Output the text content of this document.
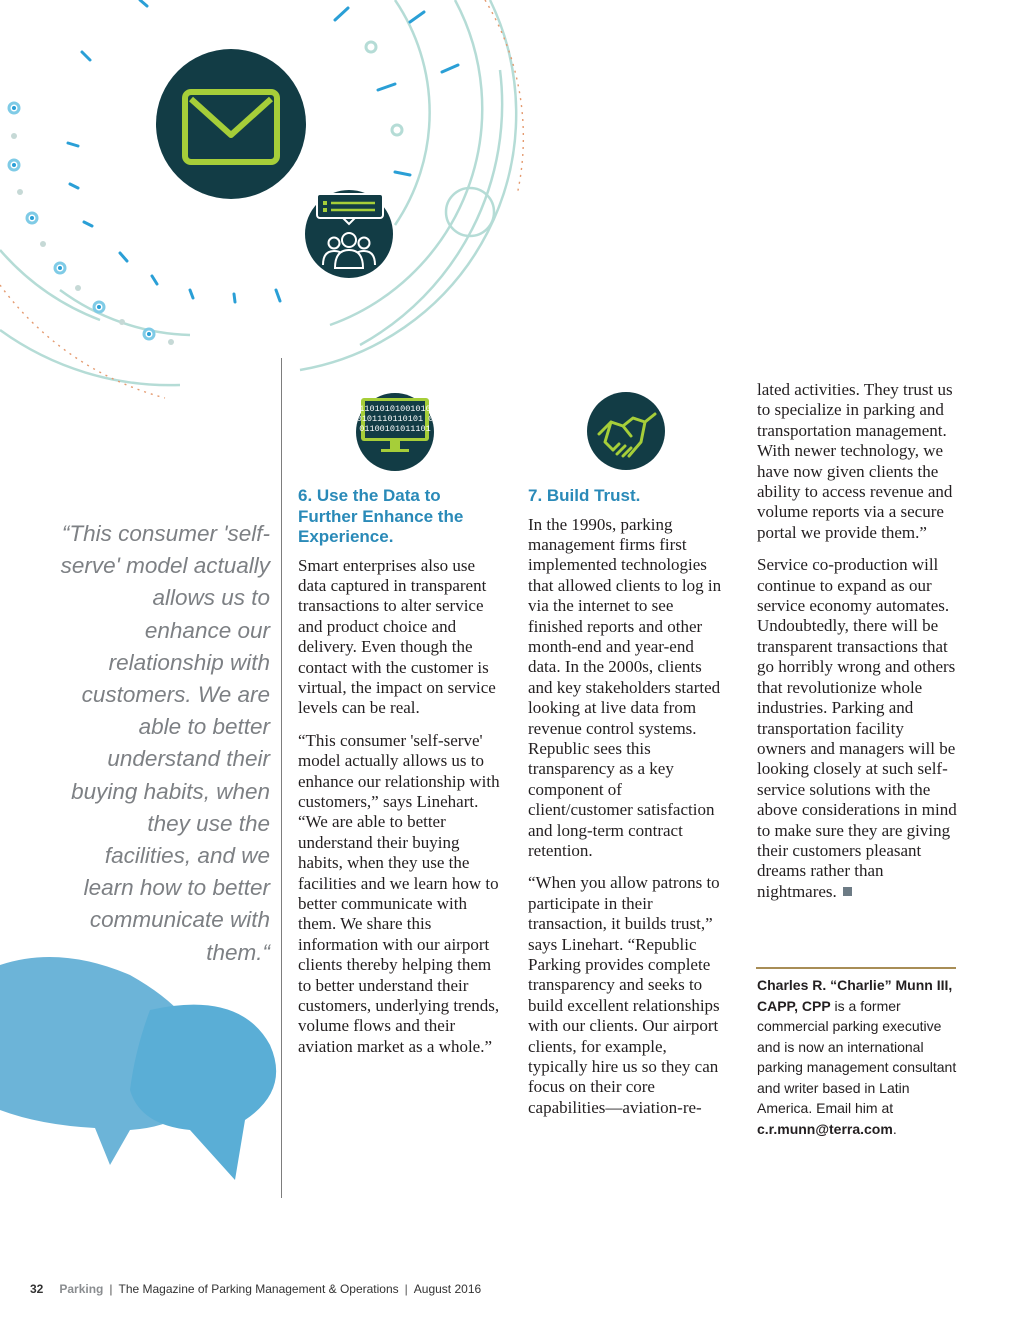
11010101001010
0101110110101 0
01100101011101
“This consumer 'self-serve' model actually allows us to enhance our relationship with customers. We are able to better understand their buying habits, when they use the facilities, and we learn how to better communicate with them.“
6. Use the Data to Further Enhance the Experience.

Smart enterprises also use data captured in transparent transactions to alter service and product choice and delivery. Even though the contact with the customer is virtual, the impact on service levels can be real.

“This consumer 'self-serve' model actually allows us to enhance our relationship with customers,” says Linehart. “We are able to better understand their buying habits, when they use the facilities and we learn how to better communicate with them. We share this information with our airport clients thereby helping them to better understand their customers, underlying trends, volume flows and their aviation market as a whole.”

7. Build Trust.

In the 1990s, parking management firms first implemented technologies that allowed clients to log in via the internet to see finished reports and other month-end and year-end data. In the 2000s, clients and key stakeholders started looking at live data from revenue control systems. Republic sees this transparency as a key component of client/customer satisfaction and long-term contract retention.

“When you allow patrons to participate in their transaction, it builds trust,” says Linehart. “Republic Parking provides complete transparency and seeks to build excellent relationships with our clients. Our airport clients, for example, typically hire us so they can focus on their core capabilities—aviation-re-

lated activities. They trust us to specialize in parking and transportation management. With newer technology, we have now given clients the ability to access revenue and volume reports via a secure portal we provide them.”

Service co-production will continue to expand as our service economy automates. Undoubtedly, there will be transparent transactions that go horribly wrong and others that revolutionize whole industries. Parking and transportation facility owners and managers will be looking closely at such self-service solutions with the above considerations in mind to make sure they are giving their customers pleasant dreams rather than nightmares.

Charles R. “Charlie” Munn III, CAPP, CPP is a former commercial parking executive and is now an international parking management consultant and writer based in Latin America. Email him at c.r.munn@terra.com.
32 Parking | The Magazine of Parking Management & Operations | August 2016
